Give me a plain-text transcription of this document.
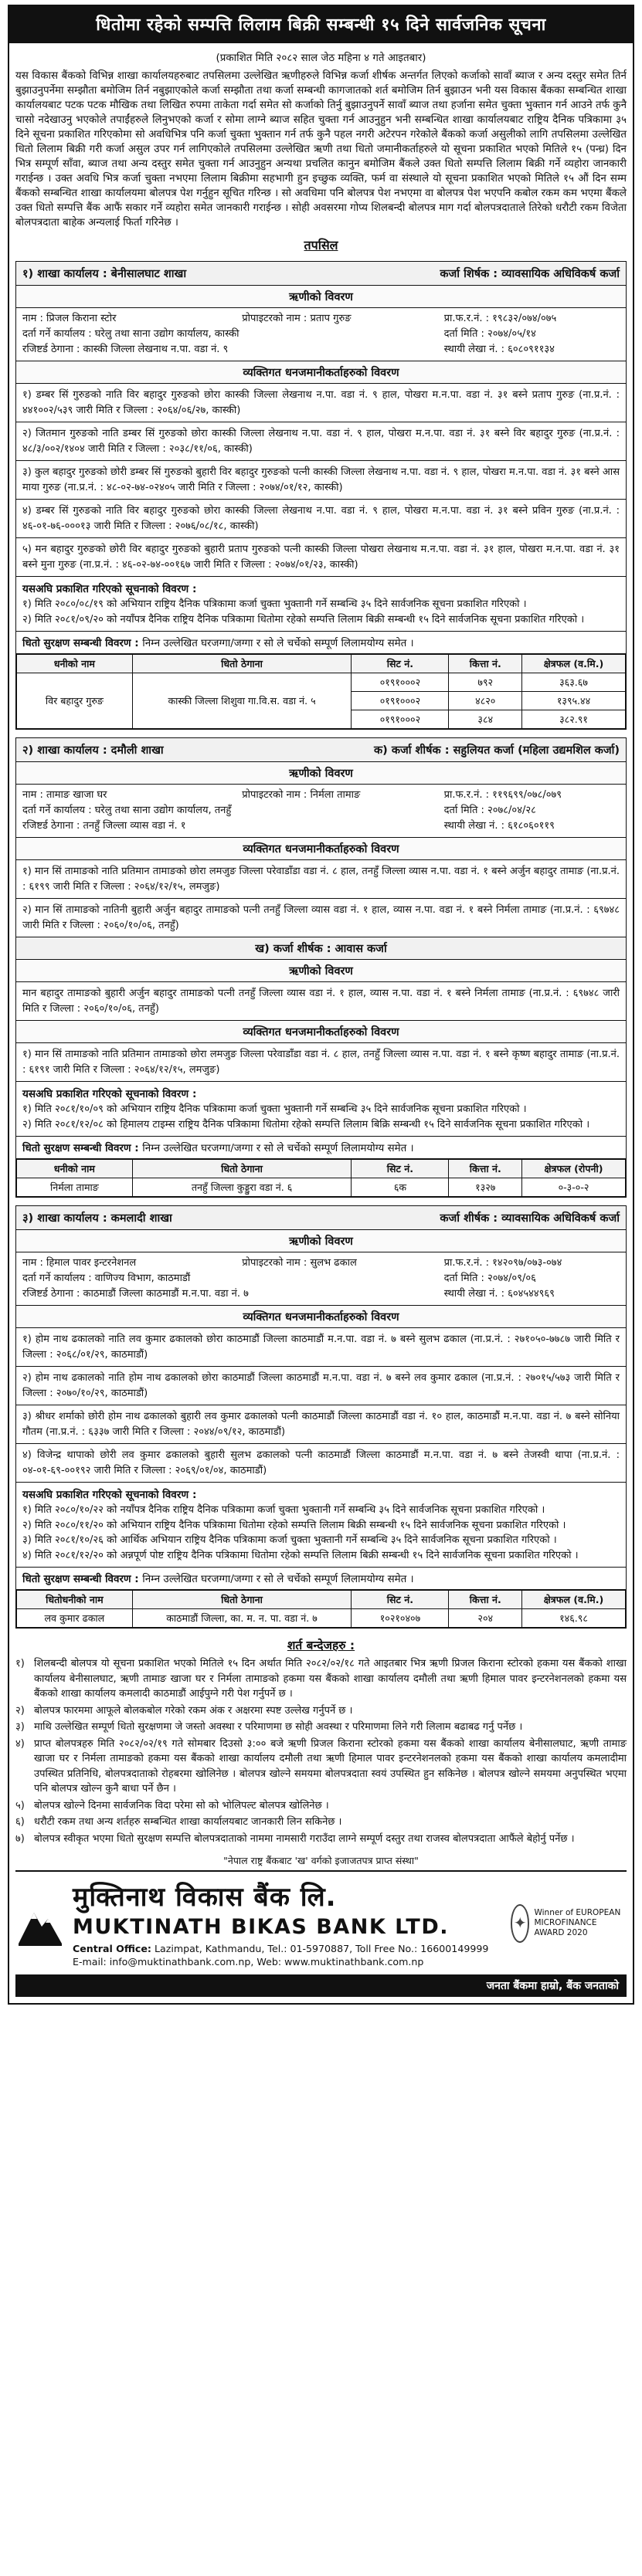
धितोमा रहेको सम्पत्ति लिलाम बिक्री सम्बन्धी १५ दिने सार्वजनिक सूचना
(प्रकाशित मिति २०८२ साल जेठ महिना ४ गते आइतबार)
यस विकास बैंकको विभिन्न शाखा कार्यालयहरुबाट तपसिलमा उल्लेखित ऋणीहरुले विभिन्न कर्जा शीर्षक अन्तर्गत लिएको कर्जाको सावाँ ब्याज र अन्य दस्तुर समेत तिर्न बुझाउनुपर्नेमा सम्झौता बमोजिम तिर्न नबुझाएकोले कर्जा सम्झौता तथा कर्जा सम्बन्धी कागजातको शर्त बमोजिम तिर्न बुझाउन भनी यस विकास बैंकका सम्बन्धित शाखा कार्यालयबाट पटक पटक मौखिक तथा लिखित रुपमा ताकेता गर्दा समेत सो कर्जाको तिर्नु बुझाउनुपर्ने सावाँ ब्याज तथा हर्जाना समेत चुक्ता भुक्तान गर्न आउने तर्फ कुनै चासो नदेखाउनु भएकोले तपाईंहरुले लिनुभएको कर्जा र सोमा लाग्ने ब्याज सहित चुक्ता गर्न आउनुहुन भनी सम्बन्धित शाखा कार्यालयबाट राष्ट्रिय दैनिक पत्रिकामा ३५ दिने सूचना प्रकाशित गरिएकोमा सो अवधिभित्र पनि कर्जा चुक्ता भुक्तान गर्न तर्फ कुनै पहल नगरी अटेरपन गरेकोले बैंकको कर्जा असुलीको लागि तपसिलमा उल्लेखित धितो लिलाम बिक्री गरी कर्जा असुल उपर गर्न लागिएकोले तपसिलमा उल्लेखित ऋणी तथा धितो जमानीकर्ताहरुले यो सूचना प्रकाशित भएको मितिले १५ (पन्ध्र) दिन भित्र सम्पूर्ण साँवा, ब्याज तथा अन्य दस्तुर समेत चुक्ता गर्न आउनुहुन अन्यथा प्रचलित कानुन बमोजिम बैंकले उक्त धितो सम्पत्ति लिलाम बिक्री गर्ने व्यहोरा जानकारी गराईन्छ । उक्त अवधि भित्र कर्जा चुक्ता नभएमा लिलाम बिक्रीमा सहभागी हुन इच्छुक व्यक्ति, फर्म वा संस्थाले यो सूचना प्रकाशित भएको मितिले १५ औं दिन सम्म बैंकको सम्बन्धित शाखा कार्यालयमा बोलपत्र पेश गर्नुहुन सूचित गरिन्छ । सो अवधिमा पनि बोलपत्र पेश नभएमा वा बोलपत्र पेश भएपनि कबोल रकम कम भएमा बैंकले उक्त धितो सम्पत्ति बैंक आफैं सकार गर्ने व्यहोरा समेत जानकारी गराईन्छ । सोही अवसरमा गोप्य शिलबन्दी बोलपत्र माग गर्दा बोलपत्रदाताले तिरेको धरौटी रकम विजेता बोलपत्रदाता बाहेक अन्यलाई फिर्ता गरिनेछ ।
तपसिल
१) शाखा कार्यालय : बेनीसालघाट शाखा	कर्जा शिर्षक : व्यावसायिक अधिविकर्ष कर्जा
ऋणीको विवरण
नाम : प्रिजल किराना स्टोर	प्रोपाइटरको नाम : प्रताप गुरुङ	प्रा.फ.र.नं. : १९८३२/०७४/०७५
दर्ता गर्ने कार्यालय : घरेलु तथा साना उद्योग कार्यालय, कास्की	दर्ता मिति : २०७४/०५/१४
रजिष्टर्ड ठेगाना : कास्की जिल्ला लेखनाथ न.पा. वडा नं. ९	स्थायी लेखा नं. : ६०८०९११३४
व्यक्तिगत धनजमानीकर्ताहरुको विवरण
१) डम्बर सिं गुरुङको नाति विर बहादुर गुरुङको छोरा कास्की जिल्ला लेखनाथ न.पा. वडा नं. ९ हाल, पोखरा म.न.पा. वडा नं. ३१ बस्ने प्रताप गुरुङ (ना.प्र.नं. : ४४१००२/५३९ जारी मिति र जिल्ला : २०६४/०६/२७, कास्की)
२) जितमान गुरुङको नाति डम्बर सिं गुरुङको छोरा कास्की जिल्ला लेखनाथ न.पा. वडा नं. ९ हाल, पोखरा म.न.पा. वडा नं. ३१ बस्ने विर बहादुर गुरुङ (ना.प्र.नं. : ४८/३/००२/१४०४ जारी मिति र जिल्ला : २०३८/११/०६, कास्की)
३) कुल बहादुर गुरुङको छोरी डम्बर सिं गुरुङको बुहारी विर बहादुर गुरुङको पत्नी कास्की जिल्ला लेखनाथ न.पा. वडा नं. ९ हाल, पोखरा म.न.पा. वडा नं. ३१ बस्ने आस माया गुरुङ (ना.प्र.नं. : ४८-०२-७४-०२४०५ जारी मिति र जिल्ला : २०७४/०१/१२, कास्की)
४) डम्बर सिं गुरुङको नाति विर बहादुर गुरुङको छोरा कास्की जिल्ला लेखनाथ न.पा. वडा नं. ९ हाल, पोखरा म.न.पा. वडा नं. ३१ बस्ने प्रविन गुरुङ (ना.प्र.नं. : ४६-०१-७६-०००१३ जारी मिति र जिल्ला : २०७६/०८/१८, कास्की)
५) मन बहादुर गुरुङको छोरी विर बहादुर गुरुङको बुहारी प्रताप गुरुङको पत्नी कास्की जिल्ला पोखरा लेखनाथ म.न.पा. वडा नं. ३१ हाल, पोखरा म.न.पा. वडा नं. ३१ बस्ने मुना गुरुङ (ना.प्र.नं. : ४६-०२-७४-००१६७ जारी मिति र जिल्ला : २०७४/०१/२३, कास्की)
यसअघि प्रकाशित गरिएको सूचनाको विवरण :
१) मिति २०८०/०८/१९ को अभियान राष्ट्रिय दैनिक पत्रिकामा कर्जा चुक्ता भुक्तानी गर्ने सम्बन्धि ३५ दिने सार्वजनिक सूचना प्रकाशित गरिएको ।
२) मिति २०८१/०९/२० को नयाँपत्र दैनिक राष्ट्रिय दैनिक पत्रिकामा धितोमा रहेको सम्पत्ति लिलाम बिक्री सम्बन्धी १५ दिने सार्वजनिक सूचना प्रकाशित गरिएको ।
धितो सुरक्षण सम्बन्धी विवरण : निम्न उल्लेखित घरजग्गा/जग्गा र सो ले चर्चेको सम्पूर्ण लिलामयोग्य समेत ।
धनीको नाम	धितो ठेगाना	सिट नं.	कित्ता नं.	क्षेत्रफल (व.मि.)
विर बहादुर गुरुङ	कास्की जिल्ला शिशुवा गा.वि.स. वडा नं. ५	०१९१०००२	७९२	३६३.६७
		०१९१०००२	४८२०	१३९५.४४
		०१९१०००२	३८४	३८२.९१
२) शाखा कार्यालय : दमौली शाखा	क) कर्जा शीर्षक : सहुलियत कर्जा (महिला उद्यमशिल कर्जा)
ऋणीको विवरण
नाम : तामाङ खाजा घर	प्रोपाइटरको नाम : निर्मला तामाङ	प्रा.फ.र.नं. : ११९६९९/०७८/०७९
दर्ता गर्ने कार्यालय : घरेलु तथा साना उद्योग कार्यालय, तनहुँ	दर्ता मिति : २०७८/०४/२८
रजिष्टर्ड ठेगाना : तनहुँ जिल्ला व्यास वडा नं. १	स्थायी लेखा नं. : ६१८०६०११९
व्यक्तिगत धनजमानीकर्ताहरुको विवरण
१) मान सिं तामाङको नाति प्रतिमान तामाङको छोरा लमजुङ जिल्ला परेवाडाँडा वडा नं. ८ हाल, तनहुँ जिल्ला व्यास न.पा. वडा नं. १ बस्ने अर्जुन बहादुर तामाङ (ना.प्र.नं. : ६१९९ जारी मिति र जिल्ला : २०६४/१२/१५, लमजुङ)
२) मान सिं तामाङको नातिनी बुहारी अर्जुन बहादुर तामाङको पत्नी तनहुँ जिल्ला व्यास वडा नं. १ हाल, व्यास न.पा. वडा नं. १ बस्ने निर्मला तामाङ (ना.प्र.नं. : ६९७४८ जारी मिति र जिल्ला : २०६०/१०/०६, तनहुँ)
ख) कर्जा शीर्षक : आवास कर्जा
ऋणीको विवरण
मान बहादुर तामाङको बुहारी अर्जुन बहादुर तामाङको पत्नी तनहुँ जिल्ला व्यास वडा नं. १ हाल, व्यास न.पा. वडा नं. १ बस्ने निर्मला तामाङ (ना.प्र.नं. : ६९७४८ जारी मिति र जिल्ला : २०६०/१०/०६, तनहुँ)
व्यक्तिगत धनजमानीकर्ताहरुको विवरण
१) मान सिं तामाङको नाति प्रतिमान तामाङको छोरा लमजुङ जिल्ला परेवाडाँडा वडा नं. ८ हाल, तनहुँ जिल्ला व्यास न.पा. वडा नं. १ बस्ने कृष्ण बहादुर तामाङ (ना.प्र.नं. : ६१९१ जारी मिति र जिल्ला : २०६४/१२/१५, लमजुङ)
यसअघि प्रकाशित गरिएको सूचनाको विवरण :
१) मिति २०८१/१०/०९ को अभियान राष्ट्रिय दैनिक पत्रिकामा कर्जा चुक्ता भुक्तानी गर्ने सम्बन्धि ३५ दिने सार्वजनिक सूचना प्रकाशित गरिएको ।
२) मिति २०८१/१२/०८ को हिमालय टाइम्स राष्ट्रिय दैनिक पत्रिकामा धितोमा रहेको सम्पत्ति लिलाम बिक्रि सम्बन्धी १५ दिने सार्वजनिक सूचना प्रकाशित गरिएको ।
धितो सुरक्षण सम्बन्धी विवरण : निम्न उल्लेखित घरजग्गा/जग्गा र सो ले चर्चेको सम्पूर्ण लिलामयोग्य समेत ।
धनीको नाम	धितो ठेगाना	सिट नं.	कित्ता नं.	क्षेत्रफल (रोपनी)
निर्मला तामाङ	तनहुँ जिल्ला कुड्डुरा वडा नं. ६	६क	१३२७	०-३-०-२
३) शाखा कार्यालय : कमलादी शाखा	कर्जा शीर्षक : व्यावसायिक अधिविकर्ष कर्जा
ऋणीको विवरण
नाम : हिमाल पावर इन्टरनेशनल	प्रोपाइटरको नाम : सुलभ ढकाल	प्रा.फ.र.नं. : १४२०९७/०७३-०७४
दर्ता गर्ने कार्यालय : वाणिज्य विभाग, काठमाडौं	दर्ता मिति : २०७४/०९/०६
रजिष्टर्ड ठेगाना : काठमाडौं जिल्ला काठमाडौं म.न.पा. वडा नं. ७	स्थायी लेखा नं. : ६०४५४४९६९
व्यक्तिगत धनजमानीकर्ताहरुको विवरण
१) होम नाथ ढकालको नाति लव कुमार ढकालको छोरा काठमाडौं जिल्ला काठमाडौं म.न.पा. वडा नं. ७ बस्ने सुलभ ढकाल (ना.प्र.नं. : २७१०५०-७७८७ जारी मिति र जिल्ला : २०६८/०१/२९, काठमाडौं)
२) होम नाथ ढकालको नाति होम नाथ ढकालको छोरा काठमाडौं जिल्ला काठमाडौं म.न.पा. वडा नं. ७ बस्ने लव कुमार ढकाल (ना.प्र.नं. : २७०१५/५७३ जारी मिति र जिल्ला : २०७०/१०/२९, काठमाडौं)
३) श्रीधर शर्माको छोरी होम नाथ ढकालको बुहारी लव कुमार ढकालको पत्नी काठमाडौं जिल्ला काठमाडौं वडा नं. १० हाल, काठमाडौं म.न.पा. वडा नं. ७ बस्ने सोनिया गौतम (ना.प्र.नं. : ६३३७ जारी मिति र जिल्ला : २०४४/०९/१२, काठमाडौं)
४) विजेन्द्र थापाको छोरी लव कुमार ढकालको बुहारी सुलभ ढकालको पत्नी काठमाडौं जिल्ला काठमाडौं म.न.पा. वडा नं. ७ बस्ने तेजस्वी थापा (ना.प्र.नं. : ०४-०१-६९-००१९२ जारी मिति र जिल्ला : २०६९/०१/०४, काठमाडौं)
यसअघि प्रकाशित गरिएको सूचनाको विवरण :
१) मिति २०८०/१०/२२ को नयाँपत्र दैनिक राष्ट्रिय दैनिक पत्रिकामा कर्जा चुक्ता भुक्तानी गर्ने सम्बन्धि ३५ दिने सार्वजनिक सूचना प्रकाशित गरिएको ।
२) मिति २०८०/११/२० को अभियान राष्ट्रिय दैनिक पत्रिकामा धितोमा रहेको सम्पत्ति लिलाम बिक्री सम्बन्धी १५ दिने सार्वजनिक सूचना प्रकाशित गरिएको ।
३) मिति २०८१/१०/२६ को आर्थिक अभियान राष्ट्रिय दैनिक पत्रिकामा कर्जा चुक्ता भुक्तानी गर्ने सम्बन्धि ३५ दिने सार्वजनिक सूचना प्रकाशित गरिएको ।
४) मिति २०८१/१२/२० को अन्नपूर्ण पोष्ट राष्ट्रिय दैनिक पत्रिकामा धितोमा रहेको सम्पत्ति लिलाम बिक्री सम्बन्धी १५ दिने सार्वजनिक सूचना प्रकाशित गरिएको ।
धितो सुरक्षण सम्बन्धी विवरण : निम्न उल्लेखित घरजग्गा/जग्गा र सो ले चर्चेको सम्पूर्ण लिलामयोग्य समेत ।
धितोधनीको नाम	धितो ठेगाना	सिट नं.	कित्ता नं.	क्षेत्रफल (व.मि.)
लव कुमार ढकाल	काठमाडौं जिल्ला, का. म. न. पा. वडा नं. ७	१०२१०४०७	२०४	१४६.९८
शर्त बन्देजहरु :
१) शिलबन्दी बोलपत्र यो सूचना प्रकाशित भएको मितिले १५ दिन अर्थात मिति २०८२/०२/१८ गते आइतबार भित्र ऋणी प्रिजल किराना स्टोरको हकमा यस बैंकको शाखा कार्यालय बेनीसालघाट, ऋणी तामाङ खाजा घर र निर्मला तामाङको हकमा यस बैंकको शाखा कार्यालय दमौली तथा ऋणी हिमाल पावर इन्टरनेशनलको हकमा यस बैंकको शाखा कार्यालय कमलादी काठमाडौं आईपुग्ने गरी पेश गर्नुपर्ने छ ।
२) बोलपत्र फारममा आफूले बोलकबोल गरेको रकम अंक र अक्षरमा स्पष्ट उल्लेख गर्नुपर्ने छ ।
३) माथि उल्लेखित सम्पूर्ण धितो सुरक्षणमा जे जस्तो अवस्था र परिमाणमा छ सोही अवस्था र परिमाणमा लिने गरी लिलाम बढाबढ गर्नु पर्नेछ ।
४) प्राप्त बोलपत्रहरु मिति २०८२/०२/१९ गते सोमबार दिउसो ३:०० बजे ऋणी प्रिजल किराना स्टोरको हकमा यस बैंकको शाखा कार्यालय बेनीसालघाट, ऋणी तामाङ खाजा घर र निर्मला तामाङको हकमा यस बैंकको शाखा कार्यालय दमौली तथा ऋणी हिमाल पावर इन्टरनेशनलको हकमा यस बैंकको शाखा कार्यालय कमलादीमा उपस्थित प्रतिनिधि, बोलपत्रदाताको रोहबरमा खोलिनेछ । बोलपत्र खोल्ने समयमा बोलपत्रदाता स्वयं उपस्थित हुन सकिनेछ । बोलपत्र खोल्ने समयमा अनुपस्थित भएमा पनि बोलपत्र खोल्न कुनै बाधा पर्ने छैन ।
५) बोलपत्र खोल्ने दिनमा सार्वजनिक विदा परेमा सो को भोलिपल्ट बोलपत्र खोलिनेछ ।
६) धरौटी रकम तथा अन्य शर्तहरु सम्बन्धित शाखा कार्यालयबाट जानकारी लिन सकिनेछ ।
७) बोलपत्र स्वीकृत भएमा धितो सुरक्षण सम्पत्ति बोलपत्रदाताको नाममा नामसारी गराउँदा लाग्ने सम्पूर्ण दस्तुर तथा राजस्व बोलपत्रदाता आफैंले बेहोर्नु पर्नेछ ।
"नेपाल राष्ट्र बैंकबाट 'ख' वर्गको इजाजतपत्र प्राप्त संस्था"
मुक्तिनाथ विकास बैंक लि.
MUKTINATH BIKAS BANK LTD.
Central Office: Lazimpat, Kathmandu, Tel.: 01-5970887, Toll Free No.: 16600149999
E-mail: info@muktinathbank.com.np, Web: www.muktinathbank.com.np
✦
Winner of EUROPEAN MICROFINANCE AWARD 2020
जनता बैंकमा हाम्रो, बैंक जनताको
